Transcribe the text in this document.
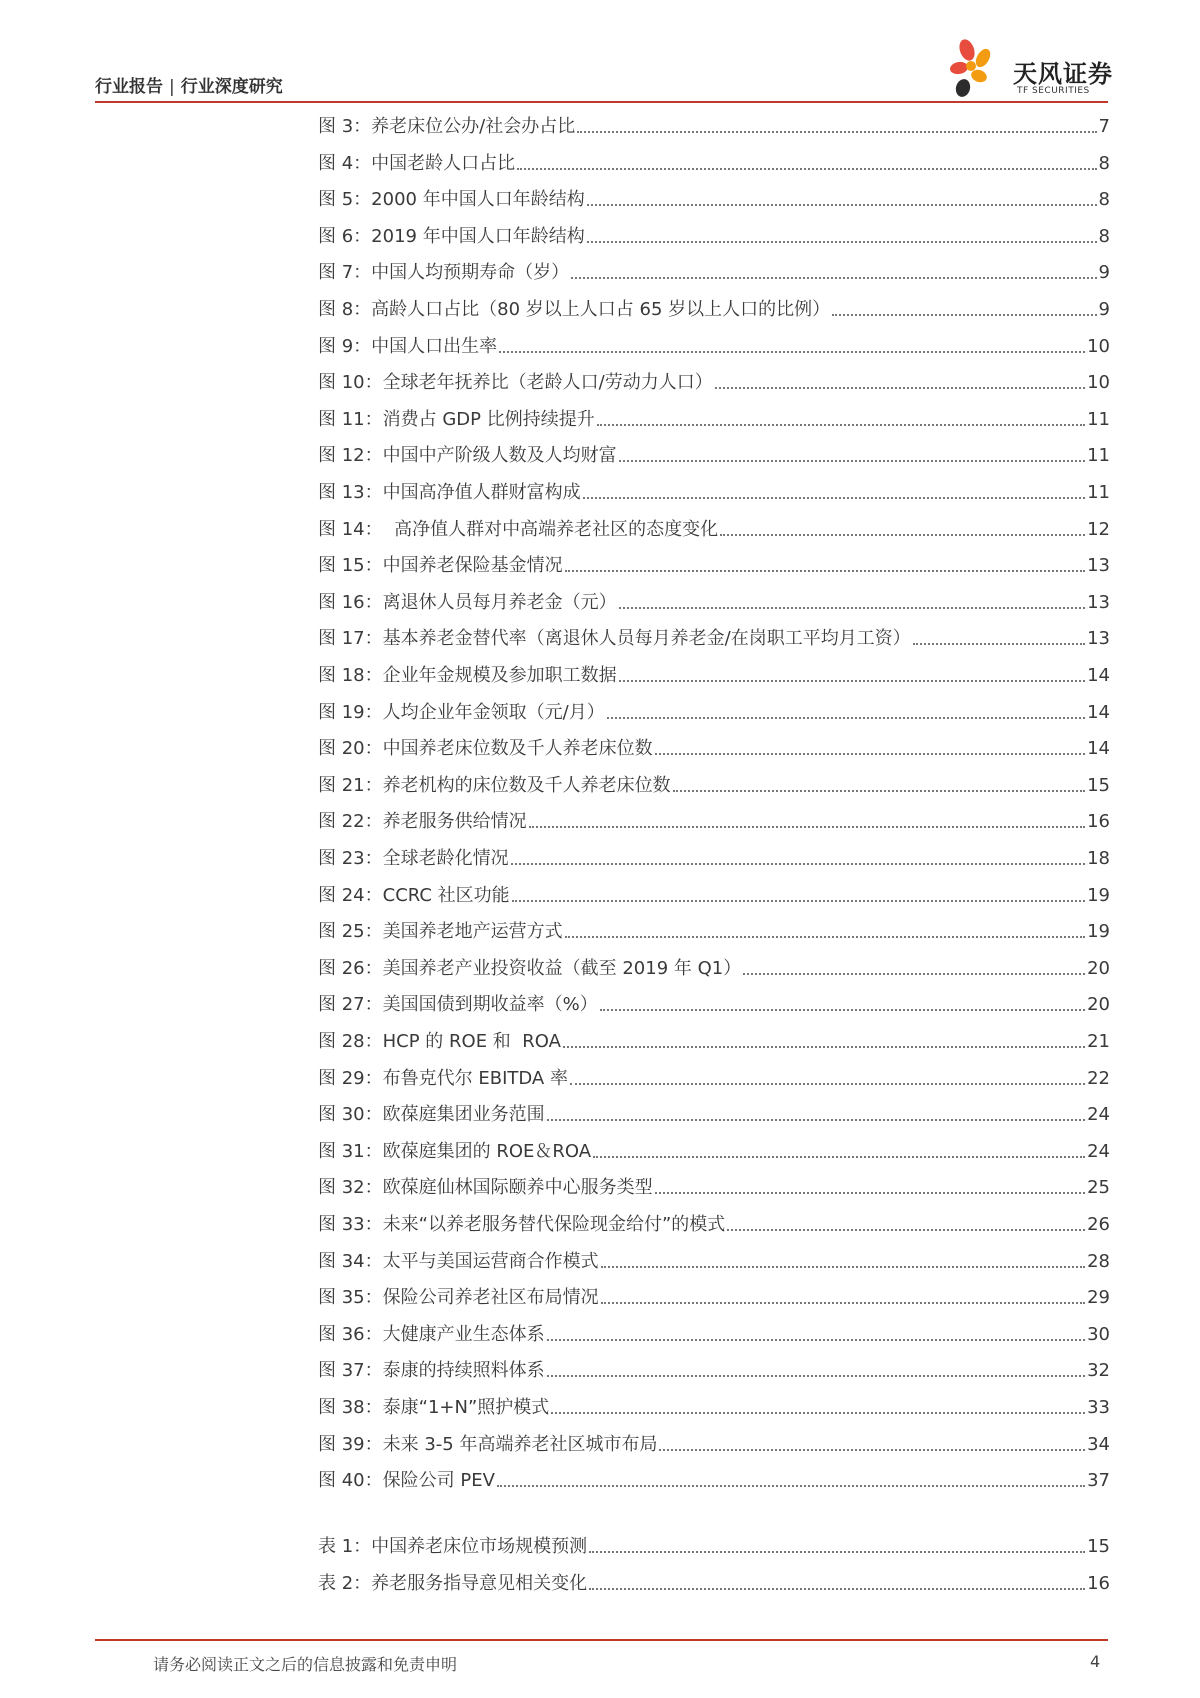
行业报告 | 行业深度研究	天风证券
TF SECURITIES
图 3：养老床位公办/社会办占比	7
图 4：中国老龄人口占比	8
图 5：2000 年中国人口年龄结构	8
图 6：2019 年中国人口年龄结构	8
图 7：中国人均预期寿命（岁）	9
图 8：高龄人口占比（80 岁以上人口占 65 岁以上人口的比例）	9
图 9：中国人口出生率	10
图 10：全球老年抚养比（老龄人口/劳动力人口）	10
图 11：消费占 GDP 比例持续提升	11
图 12：中国中产阶级人数及人均财富	11
图 13：中国高净值人群财富构成	11
图 14：  高净值人群对中高端养老社区的态度变化	12
图 15：中国养老保险基金情况	13
图 16：离退休人员每月养老金（元）	13
图 17：基本养老金替代率（离退休人员每月养老金/在岗职工平均月工资）	13
图 18：企业年金规模及参加职工数据	14
图 19：人均企业年金领取（元/月）	14
图 20：中国养老床位数及千人养老床位数	14
图 21：养老机构的床位数及千人养老床位数	15
图 22：养老服务供给情况	16
图 23：全球老龄化情况	18
图 24：CCRC 社区功能	19
图 25：美国养老地产运营方式	19
图 26：美国养老产业投资收益（截至 2019 年 Q1）	20
图 27：美国国债到期收益率（%）	20
图 28：HCP 的 ROE 和  ROA	21
图 29：布鲁克代尔 EBITDA 率	22
图 30：欧葆庭集团业务范围	24
图 31：欧葆庭集团的 ROE＆ROA	24
图 32：欧葆庭仙林国际颐养中心服务类型	25
图 33：未来“以养老服务替代保险现金给付”的模式	26
图 34：太平与美国运营商合作模式	28
图 35：保险公司养老社区布局情况	29
图 36：大健康产业生态体系	30
图 37：泰康的持续照料体系	32
图 38：泰康“1+N”照护模式	33
图 39：未来 3-5 年高端养老社区城市布局	34
图 40：保险公司 PEV	37
表 1：中国养老床位市场规模预测	15
表 2：养老服务指导意见相关变化	16
请务必阅读正文之后的信息披露和免责申明	4
